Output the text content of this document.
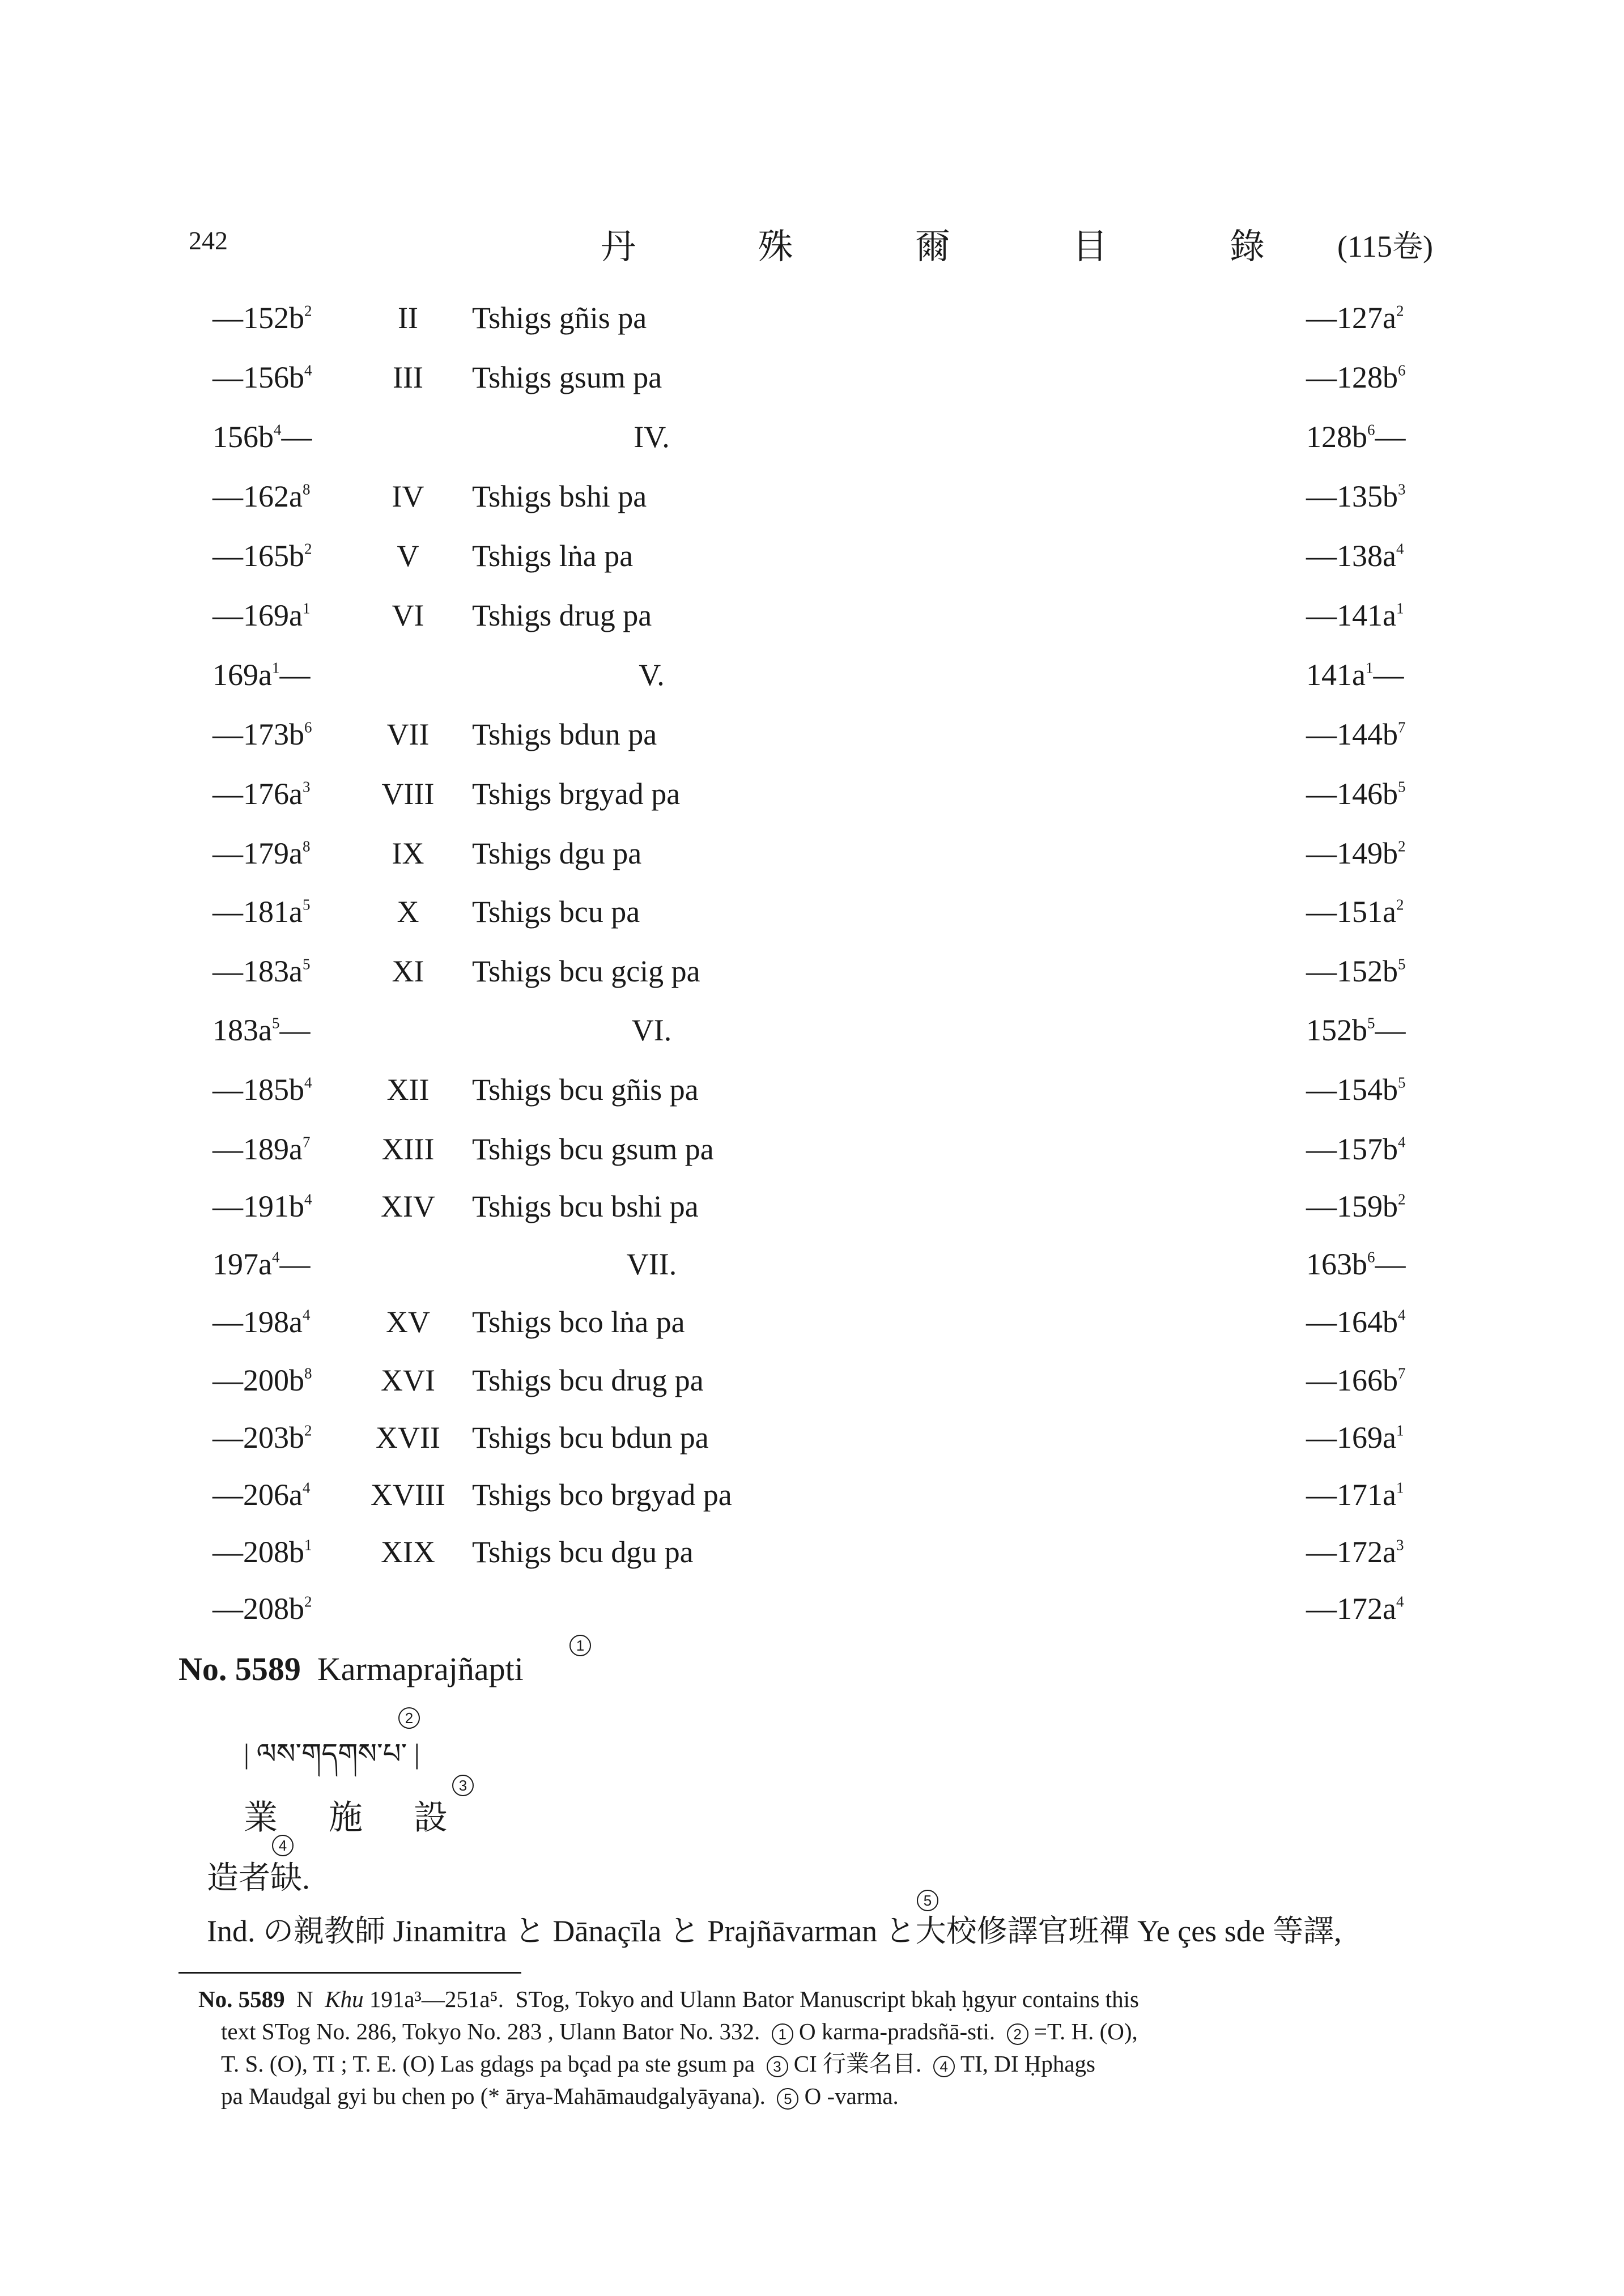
242	丹 殊 爾 目 錄 (115卷)
$—152b^2$	II	Tshigs gñis pa	$—127a^2$
$—156b^4$	III	Tshigs gsum pa	$—128b^6$
$156b^4—$	IV.	$128b^6—$
$—162a^8$	IV	Tshigs bshi pa	$—135b^3$
$—165b^2$	V	Tshigs lṅa pa	$—138a^4$
$—169a^1$	VI	Tshigs drug pa	$—141a^1$
$169a^1—$	V.	$141a^1—$
$—173b^6$	VII	Tshigs bdun pa	$—144b^7$
$—176a^3$	VIII	Tshigs brgyad pa	$—146b^5$
$—179a^8$	IX	Tshigs dgu pa	$—149b^2$
$—181a^5$	X	Tshigs bcu pa	$—151a^2$
$—183a^5$	XI	Tshigs bcu gcig pa	$—152b^5$
$183a^5—$	VI.	$152b^5—$
$—185b^4$	XII	Tshigs bcu gñis pa	$—154b^5$
$—189a^7$	XIII	Tshigs bcu gsum pa	$—157b^4$
$—191b^4$	XIV	Tshigs bcu bshi pa	$—159b^2$
$197a^4—$	VII.	$163b^6—$
$—198a^4$	XV	Tshigs bco lṅa pa	$—164b^4$
$—200b^8$	XVI	Tshigs bcu drug pa	$—166b^7$
$—203b^2$	XVII	Tshigs bcu bdun pa	$—169a^1$
$—206a^4$ XVIII Tshigs bco brgyad pa	$—171a^1$
$—208b^1$	XIX	Tshigs bcu dgu pa	$—172a^3$
$—208b^2$	$—172a^4$
No. 5589 Karmaprajñapti
1
| ལས་གདགས་པ་ |
2
業施設
3
造者缺.
4
Ind. の親教師 Jinamitra と Dānaçīla と Prajñāvarman と大校修譯官班禪 Ye çes sde 等譯,
5
No. 5589 N Khu 191a³—251a⁵. STog, Tokyo and Ulann Bator Manuscript bkaḥ ḥgyur contains this
text STog No. 286, Tokyo No. 283 , Ulann Bator No. 332. 1 O karma-pradsñā-sti. 2 =T. H. (O),
T. S. (O), TI ; T. E. (O) Las gdags pa bçad pa ste gsum pa 3 CI 行業名目. 4 TI, DI Ḥphags
pa Maudgal gyi bu chen po (* ārya-Mahāmaudgalyāyana). 5 O -varma.
